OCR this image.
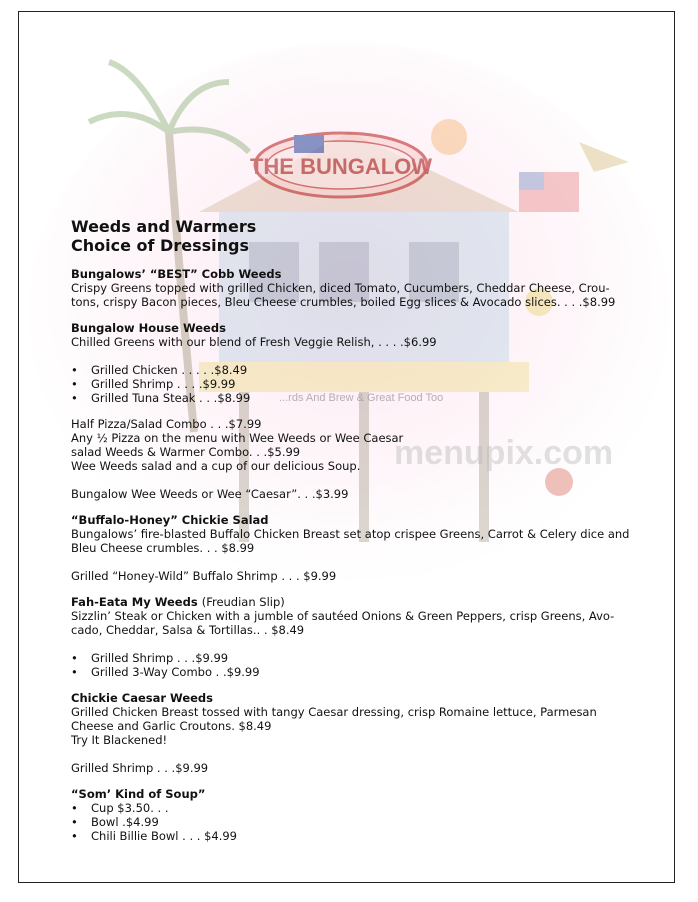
THE BUNGALOW
...rds And Brew & Great Food Too
menupix.com
Weeds and Warmers
Choice of Dressings
Bungalows’ “BEST” Cobb Weeds
Crispy Greens topped with grilled Chicken, diced Tomato, Cucumbers, Cheddar Cheese, Crou-
tons, crispy Bacon pieces, Bleu Cheese crumbles, boiled Egg slices & Avocado slices. . . .$8.99
Bungalow House Weeds
Chilled Greens with our blend of Fresh Veggie Relish, . . . .$6.99
• Grilled Chicken . . . . .$8.49
• Grilled Shrimp . . . .$9.99
• Grilled Tuna Steak . . .$8.99
Half Pizza/Salad Combo . . .$7.99
Any ½ Pizza on the menu with Wee Weeds or Wee Caesar
salad Weeds & Warmer Combo. . .$5.99
Wee Weeds salad and a cup of our delicious Soup.
Bungalow Wee Weeds or Wee “Caesar”. . .$3.99
“Buffalo-Honey” Chickie Salad
Bungalows’ fire-blasted Buffalo Chicken Breast set atop crispee Greens, Carrot & Celery dice and
Bleu Cheese crumbles. . . $8.99
Grilled “Honey-Wild” Buffalo Shrimp . . . $9.99
Fah-Eata My Weeds (Freudian Slip)
Sizzlin’ Steak or Chicken with a jumble of sautéed Onions & Green Peppers, crisp Greens, Avo-
cado, Cheddar, Salsa & Tortillas.. . $8.49
• Grilled Shrimp . . .$9.99
• Grilled 3-Way Combo . .$9.99
Chickie Caesar Weeds
Grilled Chicken Breast tossed with tangy Caesar dressing, crisp Romaine lettuce, Parmesan
Cheese and Garlic Croutons. $8.49
Try It Blackened!
Grilled Shrimp . . .$9.99
“Som’ Kind of Soup”
• Cup $3.50. . .
• Bowl .$4.99
• Chili Billie Bowl . . . $4.99
